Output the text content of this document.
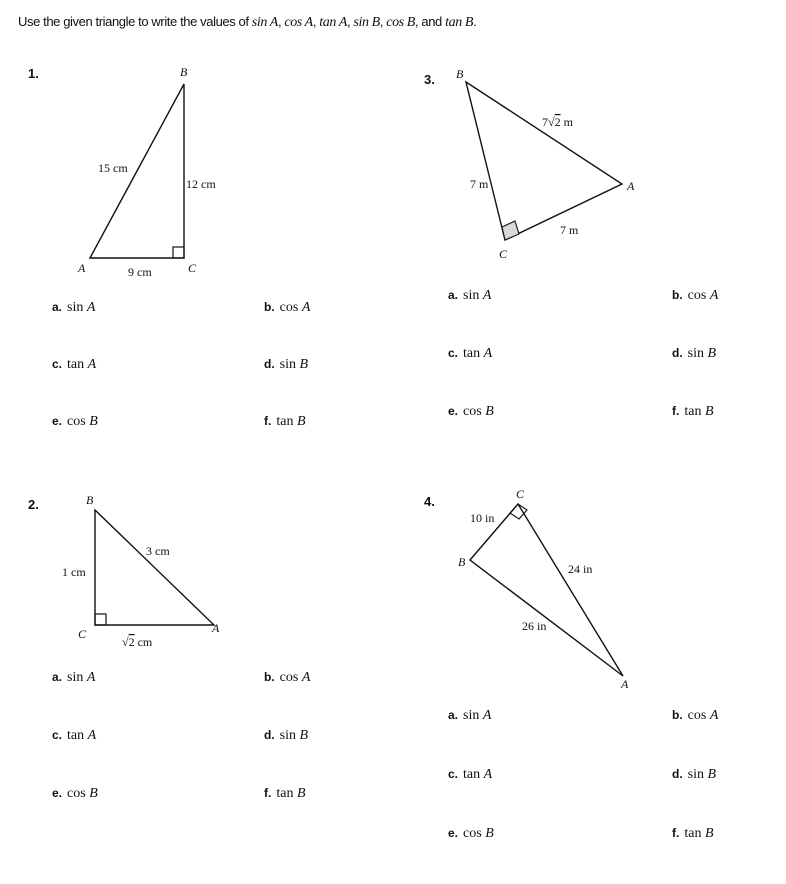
Use the given triangle to write the values of sin A, cos A, tan A, sin B, cos B, and tan B.
1.	B
A	C
15 cm
12 cm
9 cm
a. sin A	b. cos A
c. tan A	d. sin B
e. cos B	f. tan B
3. B
A
C
7√2 m
7 m
7 m
a. sin A	b. cos A
c. tan A	d. sin B
e. cos B	f. tan B
2.	B
C	A
3 cm
1 cm
√2 cm
a. sin A	b. cos A
c. tan A	d. sin B
e. cos B	f. tan B
4.	C
B
A
10 in
24 in
26 in
a. sin A	b. cos A
c. tan A	d. sin B
e. cos B	f. tan B
